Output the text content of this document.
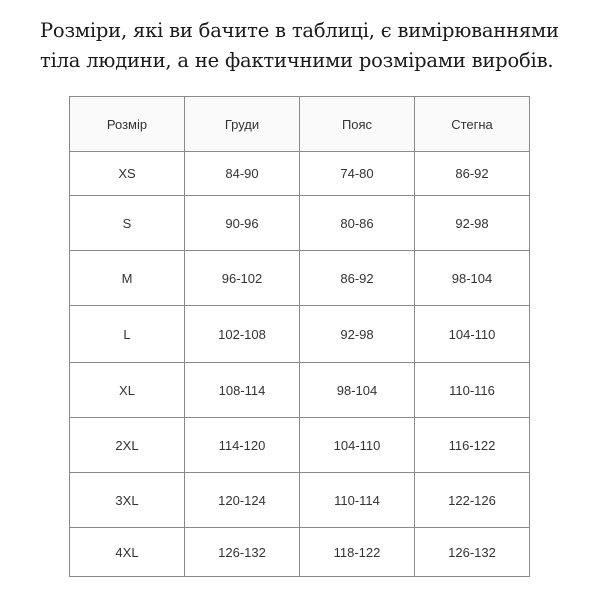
Розміри, які ви бачите в таблиці, є вимірюваннями тіла людини, а не фактичними розмірами виробів.

Розмір	Груди	Пояс	Стегна
XS	84-90	74-80	86-92
S	90-96	80-86	92-98
M	96-102	86-92	98-104
L	102-108	92-98	104-110
XL	108-114	98-104	110-116
2XL	114-120	104-110	116-122
3XL	120-124	110-114	122-126
4XL	126-132	118-122	126-132
